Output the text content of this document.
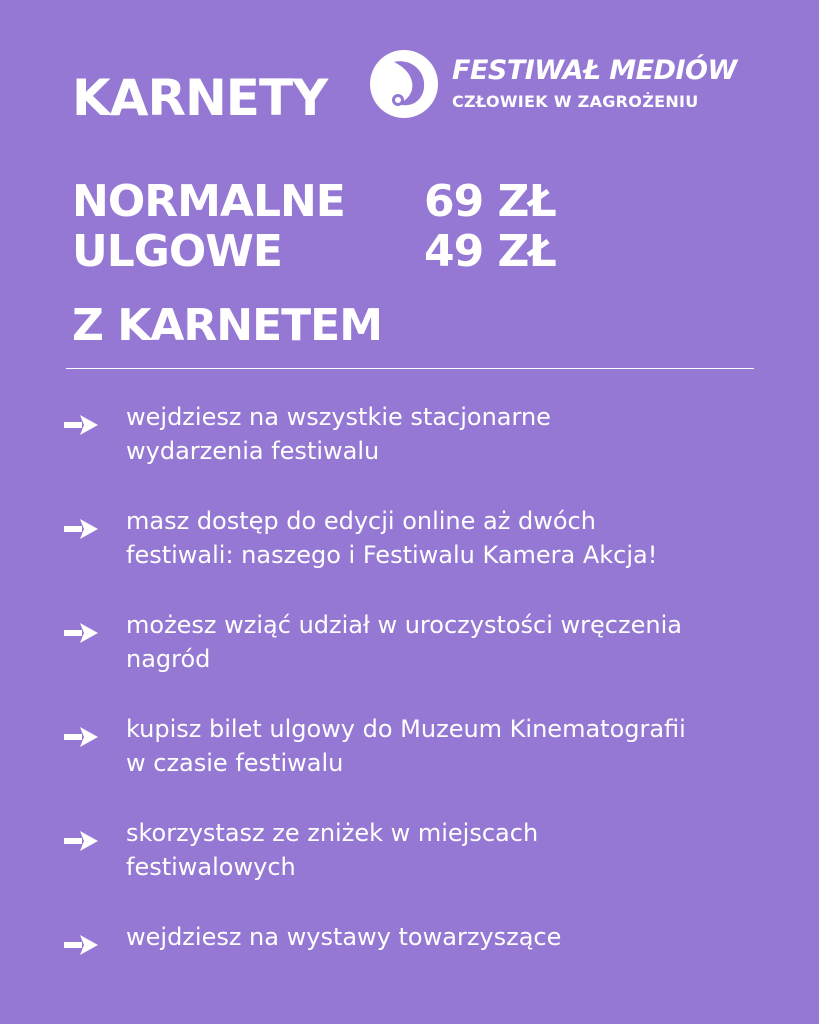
KARNETY	FESTIWAŁ MEDIÓW
CZŁOWIEK W ZAGROŻENIU
NORMALNE 69 ZŁ
ULGOWE	49 ZŁ
Z KARNETEM
wejdziesz na wszystkie stacjonarne
wydarzenia festiwalu
masz dostęp do edycji online aż dwóch
festiwali: naszego i Festiwalu Kamera Akcja!
możesz wziąć udział w uroczystości wręczenia
nagród
kupisz bilet ulgowy do Muzeum Kinematografii
w czasie festiwalu
skorzystasz ze zniżek w miejscach
festiwalowych
wejdziesz na wystawy towarzyszące
